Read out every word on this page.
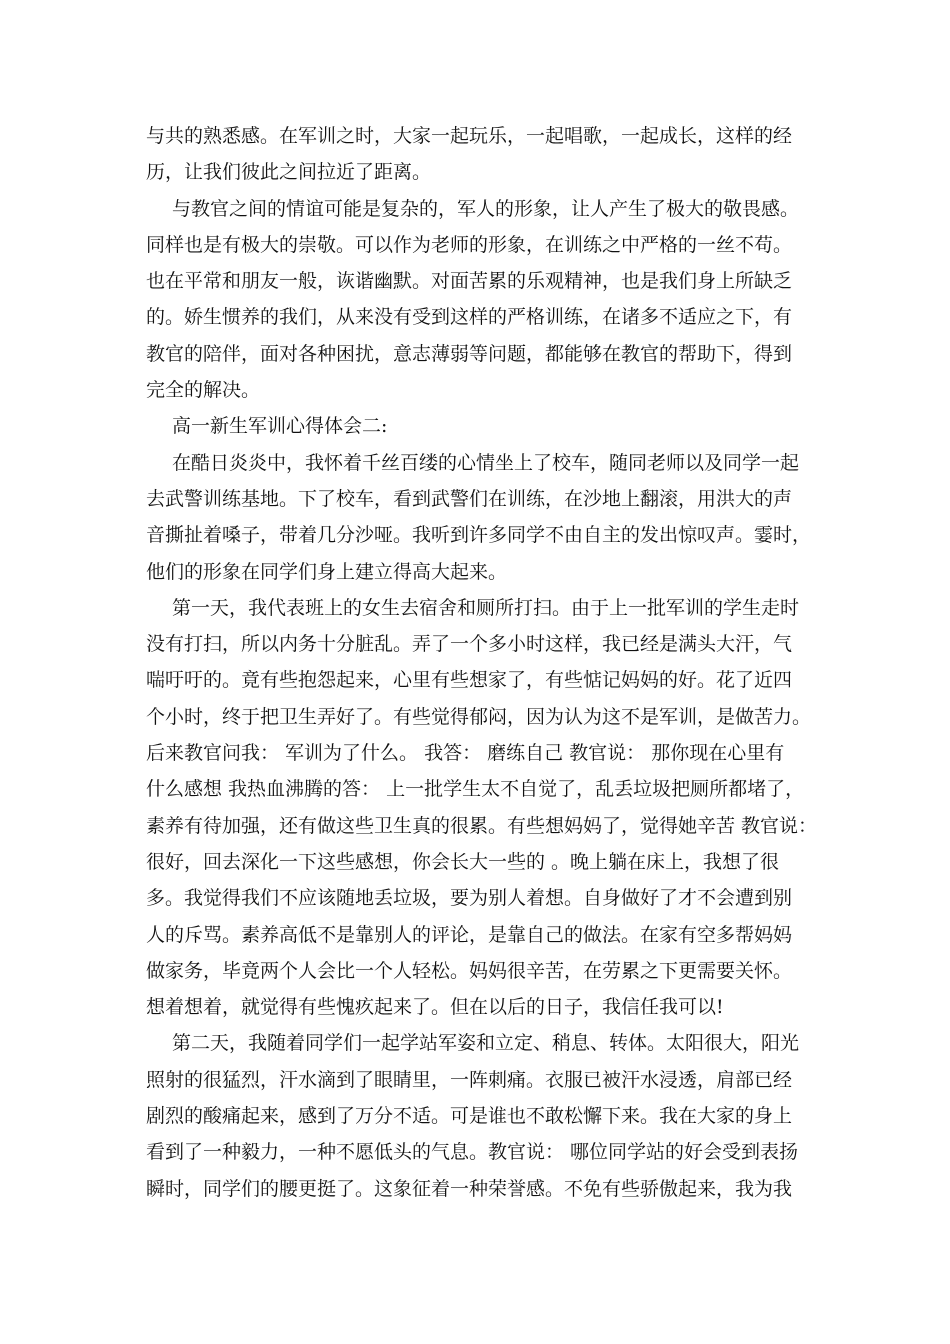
与共的熟悉感。在军训之时，大家一起玩乐，一起唱歌，一起成长，这样的经
历，让我们彼此之间拉近了距离。
与教官之间的情谊可能是复杂的，军人的形象，让人产生了极大的敬畏感。
同样也是有极大的崇敬。可以作为老师的形象，在训练之中严格的一丝不苟。
也在平常和朋友一般，诙谐幽默。对面苦累的乐观精神，也是我们身上所缺乏
的。娇生惯养的我们，从来没有受到这样的严格训练，在诸多不适应之下，有
教官的陪伴，面对各种困扰，意志薄弱等问题，都能够在教官的帮助下，得到
完全的解决。
高一新生军训心得体会二:
在酷日炎炎中，我怀着千丝百缕的心情坐上了校车，随同老师以及同学一起
去武警训练基地。下了校车，看到武警们在训练，在沙地上翻滚，用洪大的声
音撕扯着嗓子，带着几分沙哑。我听到许多同学不由自主的发出惊叹声。霎时，
他们的形象在同学们身上建立得高大起来。
第一天，我代表班上的女生去宿舍和厕所打扫。由于上一批军训的学生走时
没有打扫，所以内务十分脏乱。弄了一个多小时这样，我已经是满头大汗，气
喘吁吁的。竟有些抱怨起来，心里有些想家了，有些惦记妈妈的好。花了近四
个小时，终于把卫生弄好了。有些觉得郁闷，因为认为这不是军训，是做苦力。
后来教官问我： 军训为了什么。 我答： 磨练自己 教官说： 那你现在心里有
什么感想 我热血沸腾的答： 上一批学生太不自觉了，乱丢垃圾把厕所都堵了，
素养有待加强，还有做这些卫生真的很累。有些想妈妈了，觉得她辛苦 教官说：
很好，回去深化一下这些感想，你会长大一些的 。晚上躺在床上，我想了很
多。我觉得我们不应该随地丢垃圾，要为别人着想。自身做好了才不会遭到别
人的斥骂。素养高低不是靠别人的评论，是靠自己的做法。在家有空多帮妈妈
做家务，毕竟两个人会比一个人轻松。妈妈很辛苦，在劳累之下更需要关怀。
想着想着，就觉得有些愧疚起来了。但在以后的日子，我信任我可以!
第二天，我随着同学们一起学站军姿和立定、稍息、转体。太阳很大，阳光
照射的很猛烈，汗水滴到了眼睛里，一阵刺痛。衣服已被汗水浸透，肩部已经
剧烈的酸痛起来，感到了万分不适。可是谁也不敢松懈下来。我在大家的身上
看到了一种毅力，一种不愿低头的气息。教官说： 哪位同学站的好会受到表扬
瞬时，同学们的腰更挺了。这象征着一种荣誉感。不免有些骄傲起来，我为我
